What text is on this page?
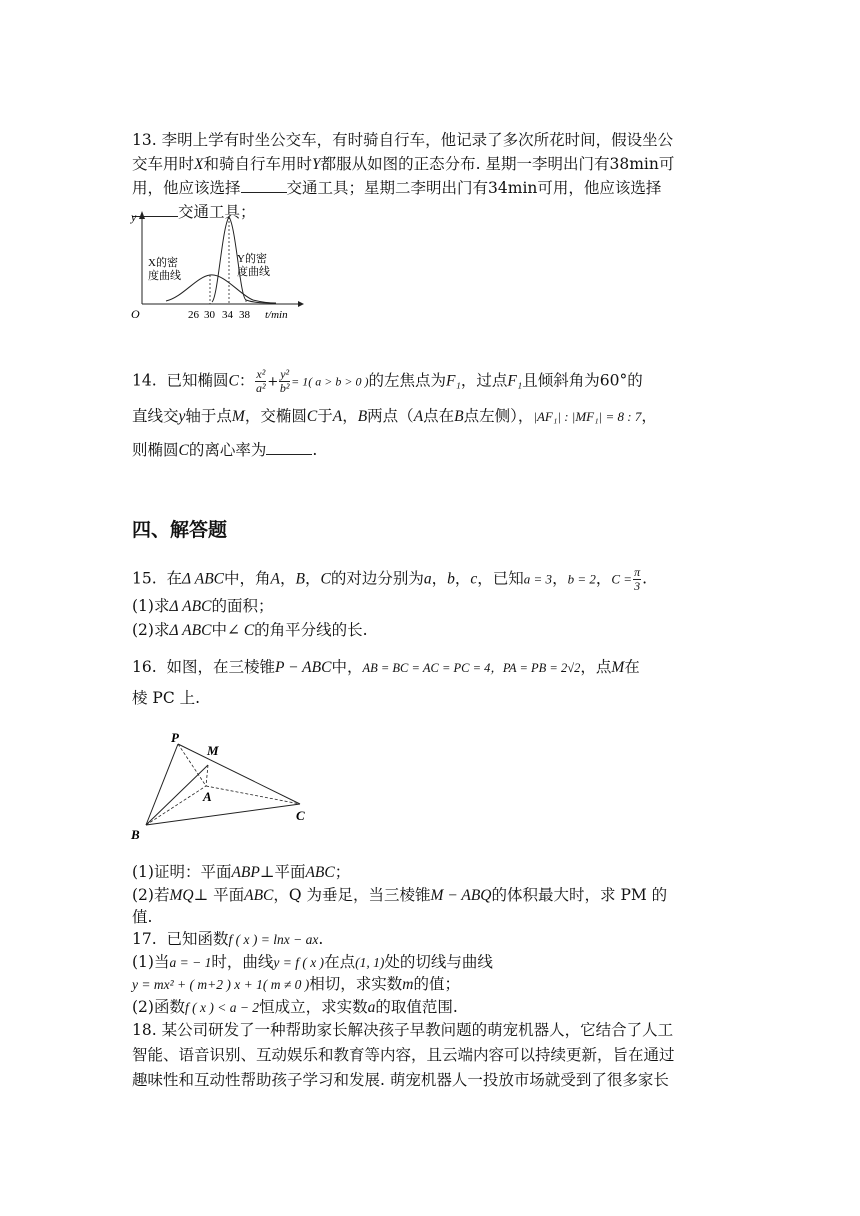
13. 李明上学有时坐公交车，有时骑自行车，他记录了多次所花时间，假设坐公
交车用时X和骑自行车用时Y都服从如图的正态分布. 星期一李明出门有38min可
用，他应该选择	交通工具；星期二李明出门有34min可用，他应该选择
交通工具；
y
O	26 30 34 38 t/min
X的密
度曲线
Y的密
度曲线
14. 已知椭圆C： $\frac{\text{x²}}{\text{a²}} + \frac{\text{y²}}{\text{b²}} = 1$( a > b > 0 )的左焦点为F₁，过点F₁且倾斜角为60°的
直线交y轴于点M，交椭圆C于A，B两点（A点在B点左侧），|AF₁| : |MF₁| = 8 : 7，
则椭圆C的离心率为	.
四、解答题
15. 在Δ ABC中，角A，B，C的对边分别为a，b，c，已知a = 3，b = 2，$C = \frac{\pi}{3}$ .
(1)求Δ ABC的面积；
(2)求Δ ABC中∠ C的角平分线的长.
16. 如图，在三棱锥P − ABC中，AB = BC = AC = PC = 4，PA = PB = 2√2，点M在
棱 PC 上.
P
M
A
B
C
(1)证明：平面ABP⊥平面ABC；
(2)若MQ⊥ 平面ABC，Q 为垂足，当三棱锥M − ABQ的体积最大时，求 PM 的
值.
17. 已知函数f ( x ) = lnx − ax.
(1)当a = − 1时，曲线y = f ( x )在点(1, 1)处的切线与曲线
y = mx² + ( m+2 ) x + 1( m ≠ 0 )相切，求实数m的值；
(2)函数f ( x ) < a − 2恒成立，求实数a的取值范围.
18. 某公司研发了一种帮助家长解决孩子早教问题的萌宠机器人，它结合了人工
智能、语音识别、互动娱乐和教育等内容，且云端内容可以持续更新，旨在通过
趣味性和互动性帮助孩子学习和发展. 萌宠机器人一投放市场就受到了很多家长
